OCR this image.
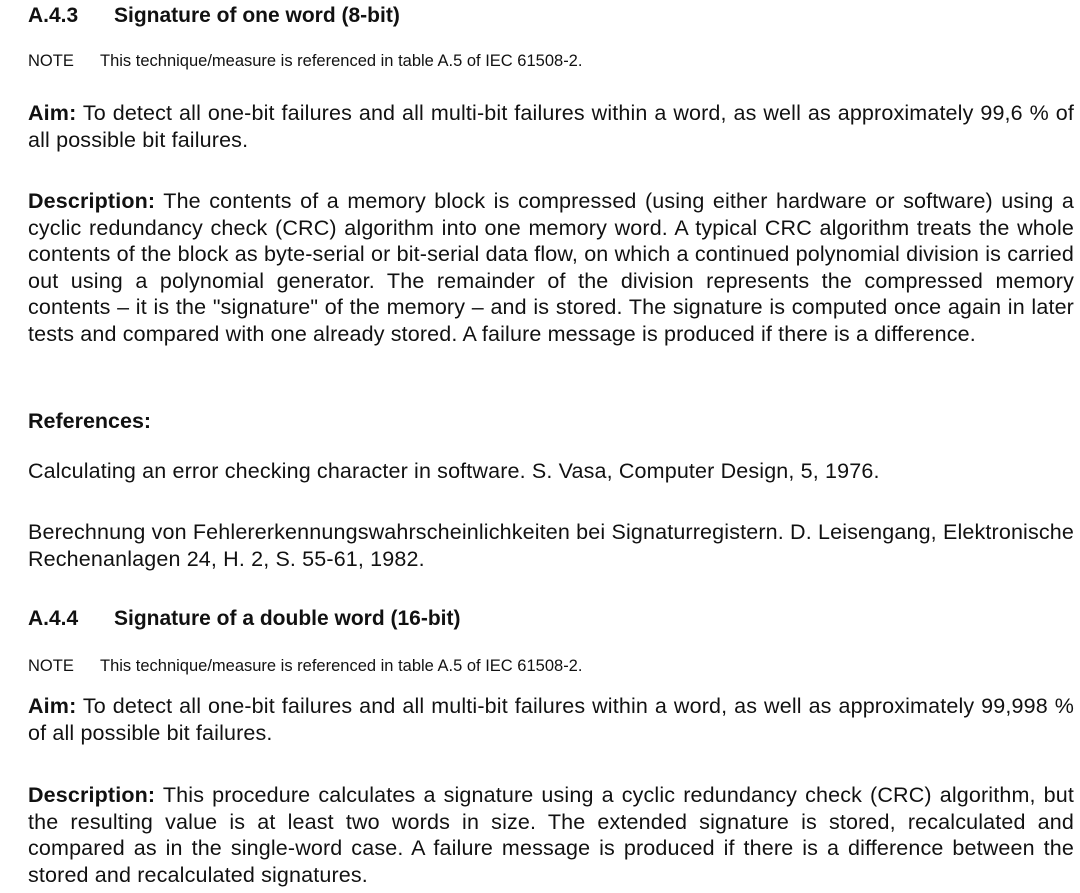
A.4.3 Signature of one word (8-bit)
NOTE This technique/measure is referenced in table A.5 of IEC 61508-2.
Aim: To detect all one-bit failures and all multi-bit failures within a word, as well as approximately 99,6 % of all possible bit failures.
Description: The contents of a memory block is compressed (using either hardware or software) using a cyclic redundancy check (CRC) algorithm into one memory word. A typical CRC algorithm treats the whole contents of the block as byte-serial or bit-serial data flow, on which a continued polynomial division is carried out using a polynomial generator. The remainder of the division represents the compressed memory contents – it is the "signature" of the memory – and is stored. The signature is computed once again in later tests and compared with one already stored. A failure message is produced if there is a difference.
References:
Calculating an error checking character in software. S. Vasa, Computer Design, 5, 1976.
Berechnung von Fehlererkennungswahrscheinlichkeiten bei Signaturregistern. D. Leisengang, Elektronische Rechenanlagen 24, H. 2, S. 55-61, 1982.
A.4.4 Signature of a double word (16-bit)
NOTE This technique/measure is referenced in table A.5 of IEC 61508-2.
Aim: To detect all one-bit failures and all multi-bit failures within a word, as well as approximately 99,998 % of all possible bit failures.
Description: This procedure calculates a signature using a cyclic redundancy check (CRC) algorithm, but the resulting value is at least two words in size. The extended signature is stored, recalculated and compared as in the single-word case. A failure message is produced if there is a difference between the stored and recalculated signatures.
